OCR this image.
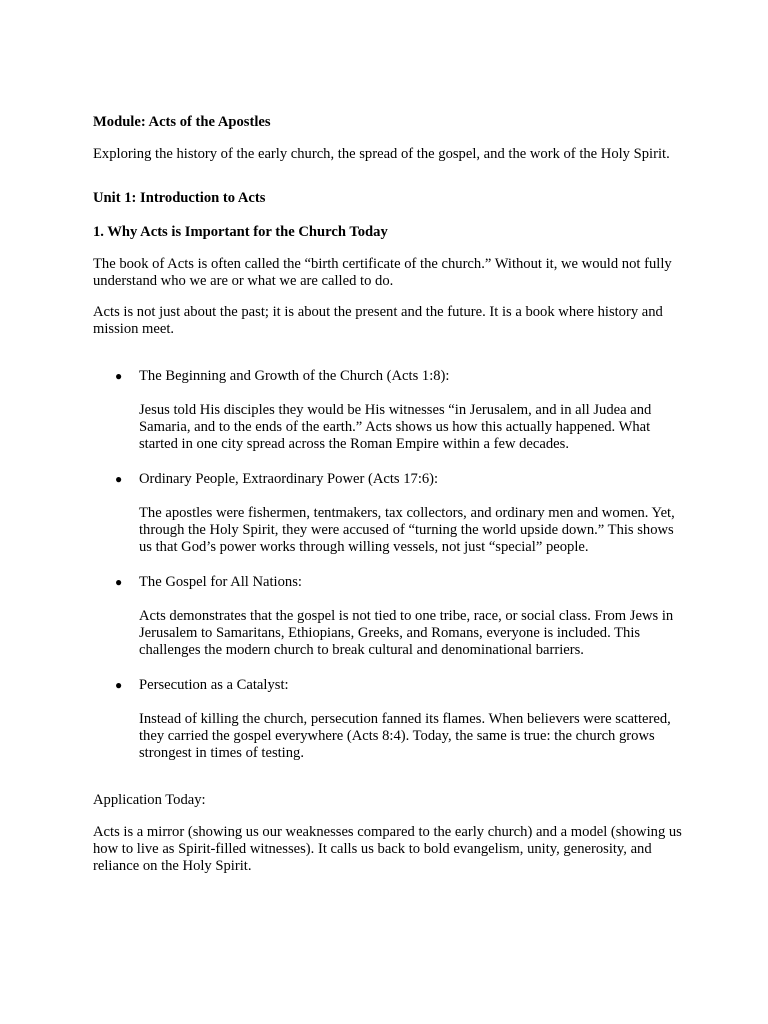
Module: Acts of the Apostles

Exploring the history of the early church, the spread of the gospel, and the work of the Holy Spirit.

Unit 1: Introduction to Acts

1. Why Acts is Important for the Church Today

The book of Acts is often called the “birth certificate of the church.” Without it, we would not fully understand who we are or what we are called to do.

Acts is not just about the past; it is about the present and the future. It is a book where history and mission meet.

● The Beginning and Growth of the Church (Acts 1:8):

Jesus told His disciples they would be His witnesses “in Jerusalem, and in all Judea and Samaria, and to the ends of the earth.” Acts shows us how this actually happened. What started in one city spread across the Roman Empire within a few decades.

● Ordinary People, Extraordinary Power (Acts 17:6):

The apostles were fishermen, tentmakers, tax collectors, and ordinary men and women. Yet, through the Holy Spirit, they were accused of “turning the world upside down.” This shows us that God’s power works through willing vessels, not just “special” people.

● The Gospel for All Nations:

Acts demonstrates that the gospel is not tied to one tribe, race, or social class. From Jews in Jerusalem to Samaritans, Ethiopians, Greeks, and Romans, everyone is included. This challenges the modern church to break cultural and denominational barriers.

● Persecution as a Catalyst:

Instead of killing the church, persecution fanned its flames. When believers were scattered, they carried the gospel everywhere (Acts 8:4). Today, the same is true: the church grows strongest in times of testing.

Application Today:

Acts is a mirror (showing us our weaknesses compared to the early church) and a model (showing us how to live as Spirit-filled witnesses). It calls us back to bold evangelism, unity, generosity, and reliance on the Holy Spirit.
